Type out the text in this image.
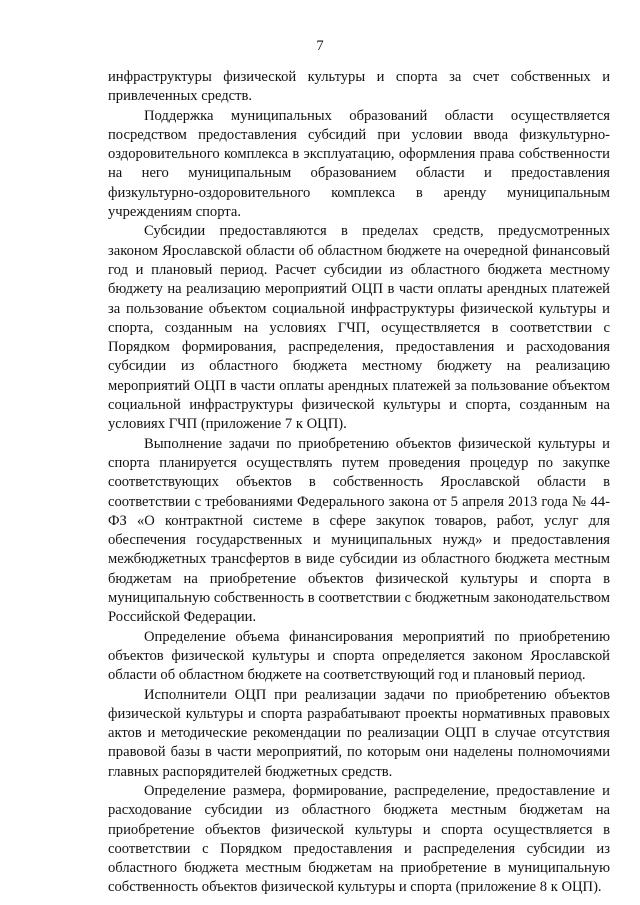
7

инфраструктуры физической культуры и спорта за счет собственных и привлеченных средств.

Поддержка муниципальных образований области осуществляется посредством предоставления субсидий при условии ввода физкультурно-оздоровительного комплекса в эксплуатацию, оформления права собственности на него муниципальным образованием области и предоставления физкультурно-оздоровительного комплекса в аренду муниципальным учреждениям спорта.

Субсидии предоставляются в пределах средств, предусмотренных законом Ярославской области об областном бюджете на очередной финансовый год и плановый период. Расчет субсидии из областного бюджета местному бюджету на реализацию мероприятий ОЦП в части оплаты арендных платежей за пользование объектом социальной инфраструктуры физической культуры и спорта, созданным на условиях ГЧП, осуществляется в соответствии с Порядком формирования, распределения, предоставления и расходования субсидии из областного бюджета местному бюджету на реализацию мероприятий ОЦП в части оплаты арендных платежей за пользование объектом социальной инфраструктуры физической культуры и спорта, созданным на условиях ГЧП (приложение 7 к ОЦП).

Выполнение задачи по приобретению объектов физической культуры и спорта планируется осуществлять путем проведения процедур по закупке соответствующих объектов в собственность Ярославской области в соответствии с требованиями Федерального закона от 5 апреля 2013 года № 44-ФЗ «О контрактной системе в сфере закупок товаров, работ, услуг для обеспечения государственных и муниципальных нужд» и предоставления межбюджетных трансфертов в виде субсидии из областного бюджета местным бюджетам на приобретение объектов физической культуры и спорта в муниципальную собственность в соответствии с бюджетным законодательством Российской Федерации.

Определение объема финансирования мероприятий по приобретению объектов физической культуры и спорта определяется законом Ярославской области об областном бюджете на соответствующий год и плановый период.

Исполнители ОЦП при реализации задачи по приобретению объектов физической культуры и спорта разрабатывают проекты нормативных правовых актов и методические рекомендации по реализации ОЦП в случае отсутствия правовой базы в части мероприятий, по которым они наделены полномочиями главных распорядителей бюджетных средств.

Определение размера, формирование, распределение, предоставление и расходование субсидии из областного бюджета местным бюджетам на приобретение объектов физической культуры и спорта осуществляется в соответствии с Порядком предоставления и распределения субсидии из областного бюджета местным бюджетам на приобретение в муниципальную собственность объектов физической культуры и спорта (приложение 8 к ОЦП).
